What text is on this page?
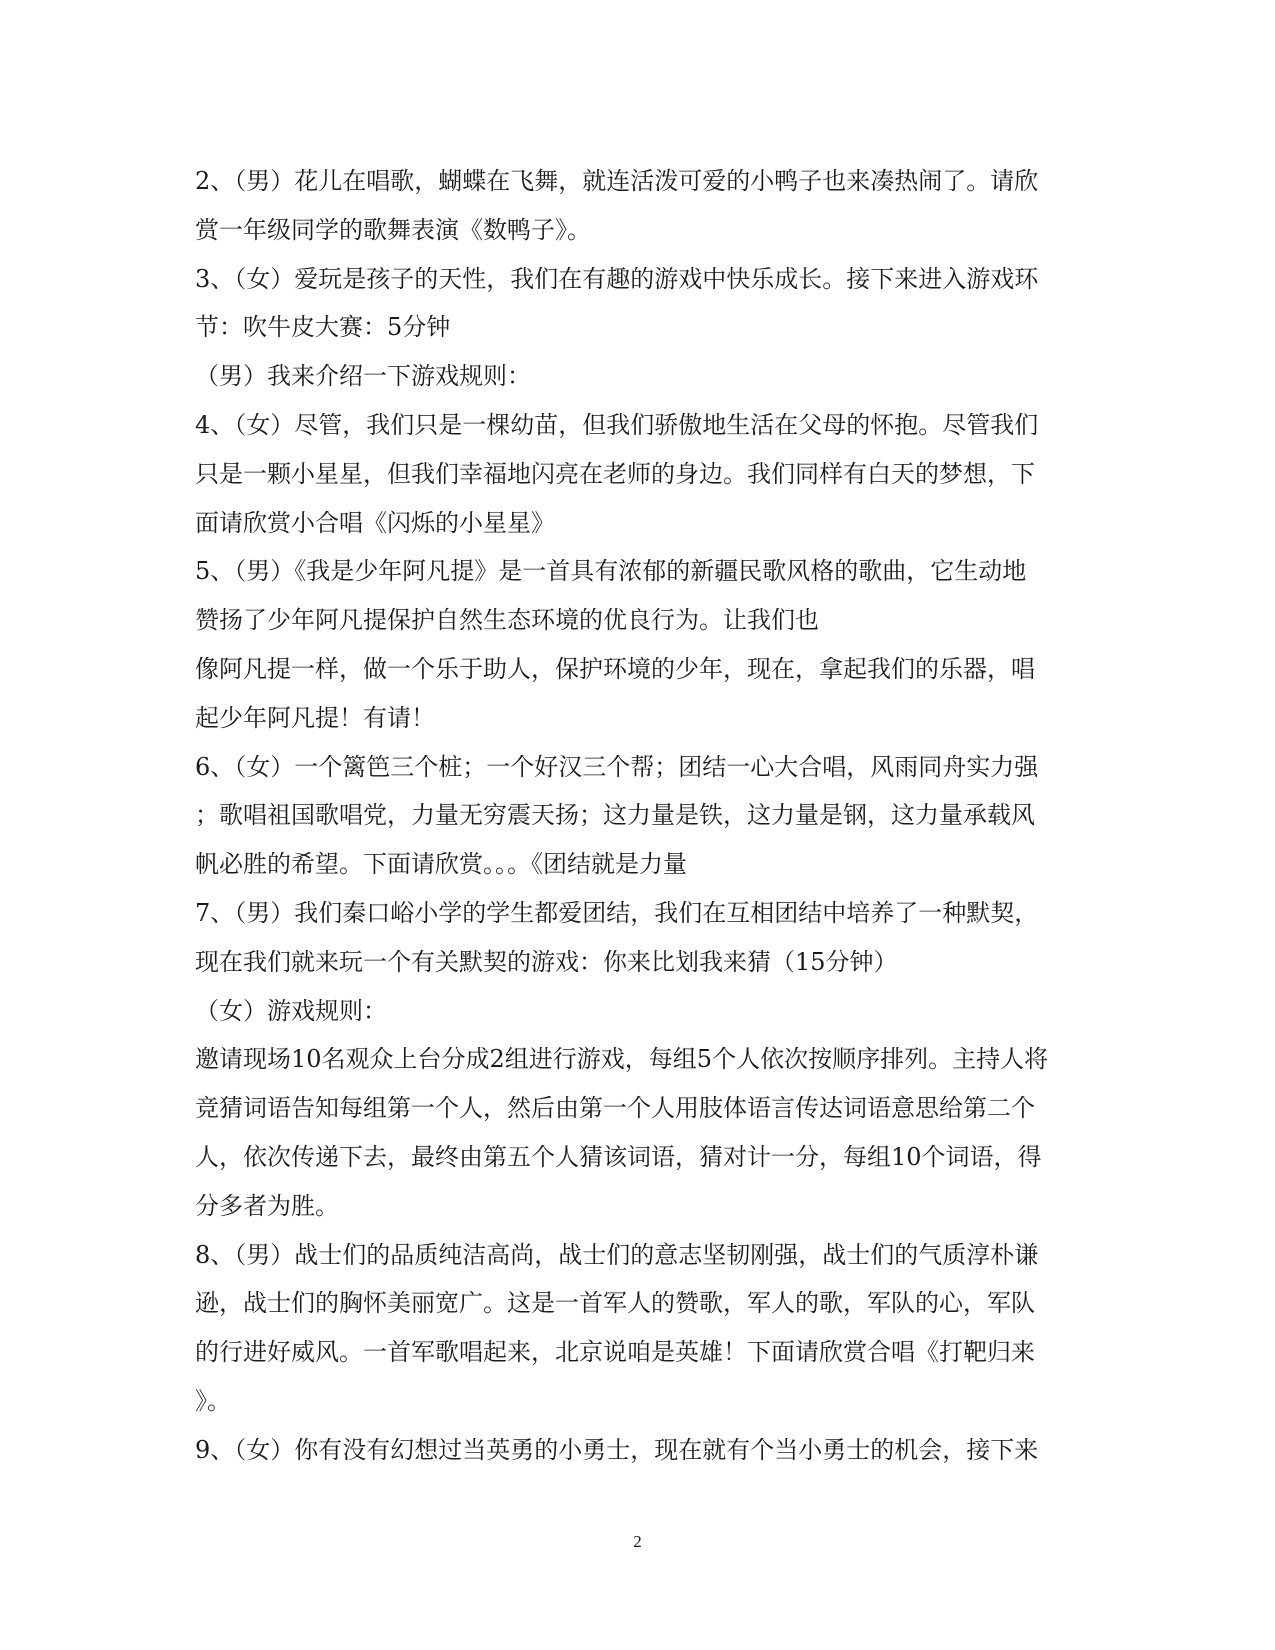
2、（男）花儿在唱歌，蝴蝶在飞舞，就连活泼可爱的小鸭子也来凑热闹了。请欣
赏一年级同学的歌舞表演《数鸭子》。
3、（女）爱玩是孩子的天性，我们在有趣的游戏中快乐成长。接下来进入游戏环
节：吹牛皮大赛：5分钟
（男）我来介绍一下游戏规则：
4、（女）尽管，我们只是一棵幼苗，但我们骄傲地生活在父母的怀抱。尽管我们
只是一颗小星星，但我们幸福地闪亮在老师的身边。我们同样有白天的梦想，下
面请欣赏小合唱《闪烁的小星星》
5、（男）《我是少年阿凡提》是一首具有浓郁的新疆民歌风格的歌曲，它生动地
赞扬了少年阿凡提保护自然生态环境的优良行为。让我们也
像阿凡提一样，做一个乐于助人，保护环境的少年，现在，拿起我们的乐器，唱
起少年阿凡提！有请！
6、（女）一个篱笆三个桩；一个好汉三个帮；团结一心大合唱，风雨同舟实力强
；歌唱祖国歌唱党，力量无穷震天扬；这力量是铁，这力量是钢，这力量承载风
帆必胜的希望。下面请欣赏。。。《团结就是力量
7、（男）我们秦口峪小学的学生都爱团结，我们在互相团结中培养了一种默契，
现在我们就来玩一个有关默契的游戏：你来比划我来猜（15分钟）
（女）游戏规则：
邀请现场10名观众上台分成2组进行游戏，每组5个人依次按顺序排列。主持人将
竞猜词语告知每组第一个人，然后由第一个人用肢体语言传达词语意思给第二个
人，依次传递下去，最终由第五个人猜该词语，猜对计一分，每组10个词语，得
分多者为胜。
8、（男）战士们的品质纯洁高尚，战士们的意志坚韧刚强，战士们的气质淳朴谦
逊，战士们的胸怀美丽宽广。这是一首军人的赞歌，军人的歌，军队的心，军队
的行进好威风。一首军歌唱起来，北京说咱是英雄！下面请欣赏合唱《打靶归来
》。
9、（女）你有没有幻想过当英勇的小勇士，现在就有个当小勇士的机会，接下来
2
